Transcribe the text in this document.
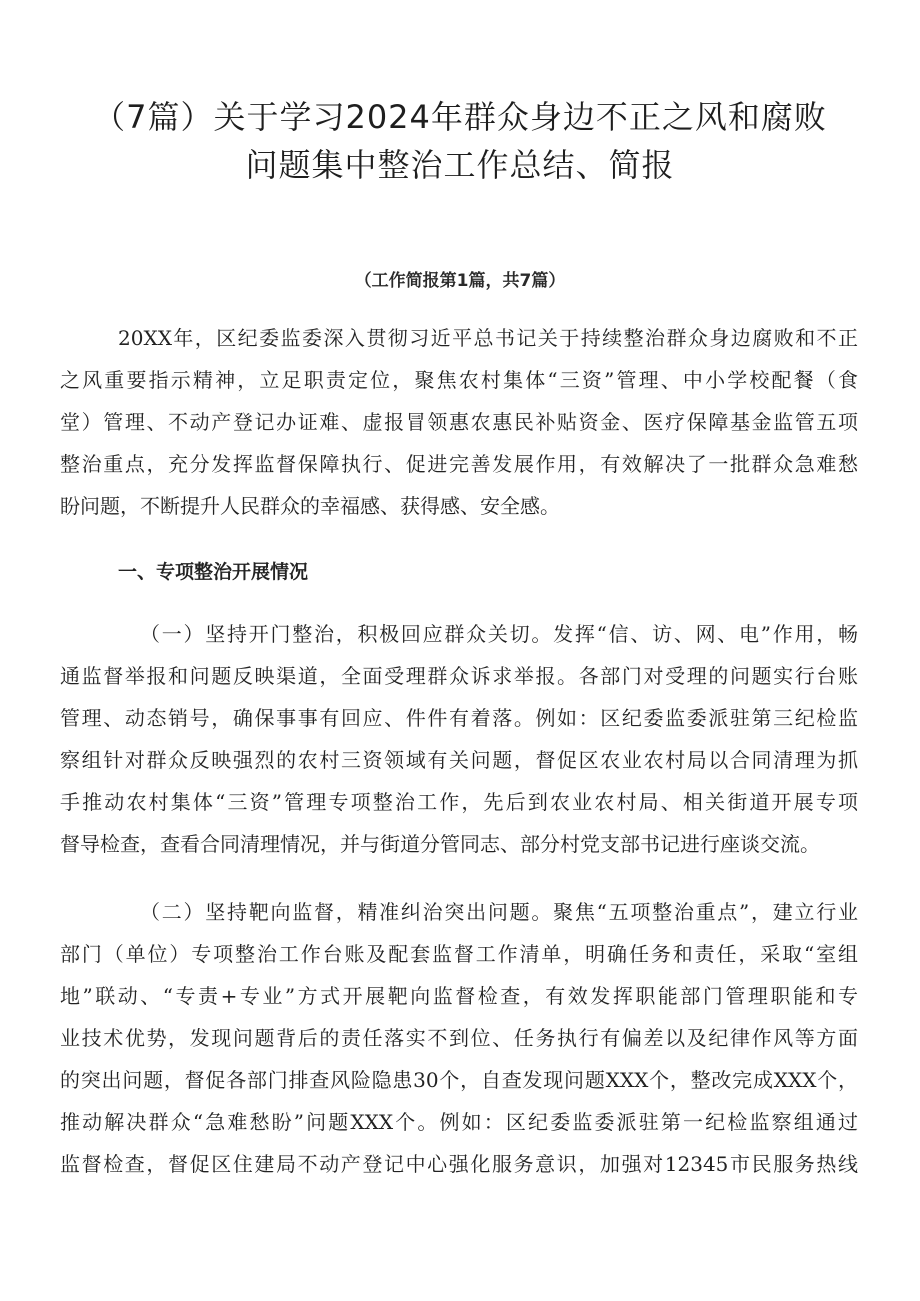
（7篇）关于学习2024年群众身边不正之风和腐败
问题集中整治工作总结、简报
（工作简报第1篇，共7篇）
20XX年，区纪委监委深入贯彻习近平总书记关于持续整治群众身边腐败和不正
之风重要指示精神，立足职责定位，聚焦农村集体“三资”管理、中小学校配餐（食
堂）管理、不动产登记办证难、虚报冒领惠农惠民补贴资金、医疗保障基金监管五项
整治重点，充分发挥监督保障执行、促进完善发展作用，有效解决了一批群众急难愁
盼问题，不断提升人民群众的幸福感、获得感、安全感。
一、专项整治开展情况
（一）坚持开门整治，积极回应群众关切。发挥“信、访、网、电”作用，畅
通监督举报和问题反映渠道，全面受理群众诉求举报。各部门对受理的问题实行台账
管理、动态销号，确保事事有回应、件件有着落。例如：区纪委监委派驻第三纪检监
察组针对群众反映强烈的农村三资领域有关问题，督促区农业农村局以合同清理为抓
手推动农村集体“三资”管理专项整治工作，先后到农业农村局、相关街道开展专项
督导检查，查看合同清理情况，并与街道分管同志、部分村党支部书记进行座谈交流。
（二）坚持靶向监督，精准纠治突出问题。聚焦“五项整治重点”，建立行业
部门（单位）专项整治工作台账及配套监督工作清单，明确任务和责任，采取“室组
地”联动、“专责+专业”方式开展靶向监督检查，有效发挥职能部门管理职能和专
业技术优势，发现问题背后的责任落实不到位、任务执行有偏差以及纪律作风等方面
的突出问题，督促各部门排查风险隐患30个，自查发现问题XXX个，整改完成XXX个，
推动解决群众“急难愁盼”问题XXX个。例如：区纪委监委派驻第一纪检监察组通过
监督检查，督促区住建局不动产登记中心强化服务意识，加强对12345市民服务热线
